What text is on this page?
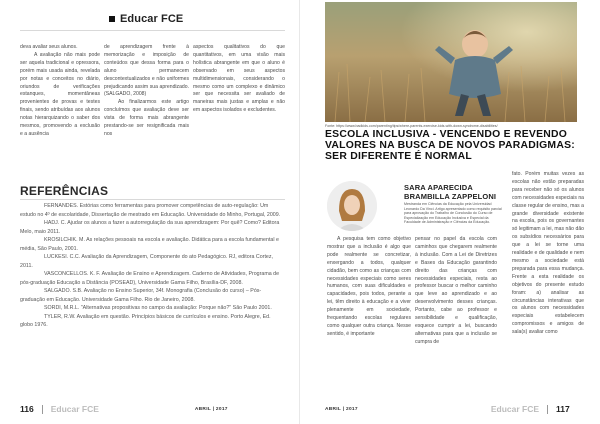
Educar FCE

deva avaliar seus alunos.

A avaliação não mais pode ser aquela tradicional e opressora, porém mais usada ainda, revelada por notas e conceitos no diário, oriundos de verificações estanques, momentâneas provenientes de provas e testes finais, sendo atribuídas aos alunos notas hierarquizando o saber dos mesmos, promovendo a exclusão e a ausência

de aprendizagem frente à memorização e imposição de conteúdos que dessa forma para o aluno permanecem descontextualizados e não uniformes prejudicando assim sua aprendizado. (SALGADO, 2008)

Ao finalizarmos este artigo concluímos que avaliação deve ser vista de forma mais abrangente prestando-se ser resignificada mais nos

aspectos qualitativos do que quantitativos, em uma visão mais holística abrangente em que o aluno é observado em seus aspectos multidimensionais, considerando o mesmo como um complexo e dinâmico ser que necessita ser avaliado de maneiras mais justas e amplas e não em aspectos isolados e excludentes.

REFERÊNCIAS

FERNANDES. Estórias como ferramentas para promover competências de auto-regulação: Um estudo no 4º de escolaridade, Dissertação de mestrado em Educação. Universidade do Minho, Portugal, 2009.

HADJ. C. Ajudar os alunos a fazer a autorregulação da sua aprendizagem: Por quê? Como? Editora Melo, maio 2011.

KROSILCHIK. M. As relações pessoais na escola e avaliação. Didática para a escola fundamental e média, São Paulo, 2001.

LUCKESI. C.C. Avaliação da Aprendizagem, Componente do ato Pedagógico. RJ, editora Cortez, 2011.

VASCONCELLOS. K. F. Avaliação de Ensino e Aprendizagem. Caderno de Atividades, Programa de pós-graduação Educação a Distância (POSEAD), Universidade Gama Filho, Brasília-DF, 2008.

SALGADO. S.B. Avaliação no Ensino Superior, 34f. Monografia (Conclusão do curso) – Pós-graduação em Educação. Universidade Gama Filho. Rio de Janeiro, 2008.

SORDI, M.R.L. "Alternativas propositivas no campo da avaliação: Porque não?" São Paulo 2001.

TYLER, R.W. Avaliação em questão. Princípios básicos de currículos e ensino. Porto Alegre, Ed. globo 1976.

116 Educar FCE	ABRIL | 2017
Fonte: https://www.badkids.com/parenting/tips/where-parents-exercise-kids-with-down-syndrome-disabilities/
ESCOLA INCLUSIVA - VENCENDO E REVENDO VALORES NA BUSCA DE NOVOS PARADIGMAS: SER DIFERENTE É NORMAL
SARA APARECIDA
BRAMBILLA ZAPPELONI
Mestranda em Ciências da Educação pela Universidad Leonardo Da Vinci. Artigo apresentado como requisito parcial para aprovação do Trabalho de Conclusão do Curso de Especialização em Educação Inclusiva e Especial da Faculdade de Administração e Ciências da Educação.

A pesquisa tem como objetivo mostrar que a inclusão é algo que pode realmente se concretizar, enxergando a todos, qualquer cidadão, bem como as crianças com necessidades especiais como seres humanos, com suas dificuldades e capacidades, pois todos, perante a lei, têm direito à educação e a viver plenamente em sociedade, frequentando escolas regulares como qualquer outra criança. Nesse sentido, é importante

pensar no papel da escola com caminhos que chegarem realmente à inclusão. Com a Lei de Diretrizes e Bases da Educação garantindo direito das crianças com necessidades especiais, resta ao professor buscar o melhor caminho que leve ao aprendizado e ao desenvolvimento desses crianças. Portanto, cabe ao professor e sensibilidade e qualificação, esquece cumprir a lei, buscando alternativas para que a inclusão se cumpra de

fato. Porém muitas vezes as escolas não estão preparadas para receber não só os alunos com necessidades especiais na classe regular de ensino, mas a grande diversidade existente na escola, pois os governantes só legitimam a lei, mas não dão os subsídios necessários para que a lei se torne uma realidade e de qualidade e nem mesmo a sociedade está preparada para essa mudança. Frente a esta realidade os objetivos do presente estudo foram: a) analisar as circunstâncias interativas que os alunos com necessidades especiais estabelecem compromissos e amigos de sala(s) avaliar como

ABRIL | 2017	Educar FCE 117
